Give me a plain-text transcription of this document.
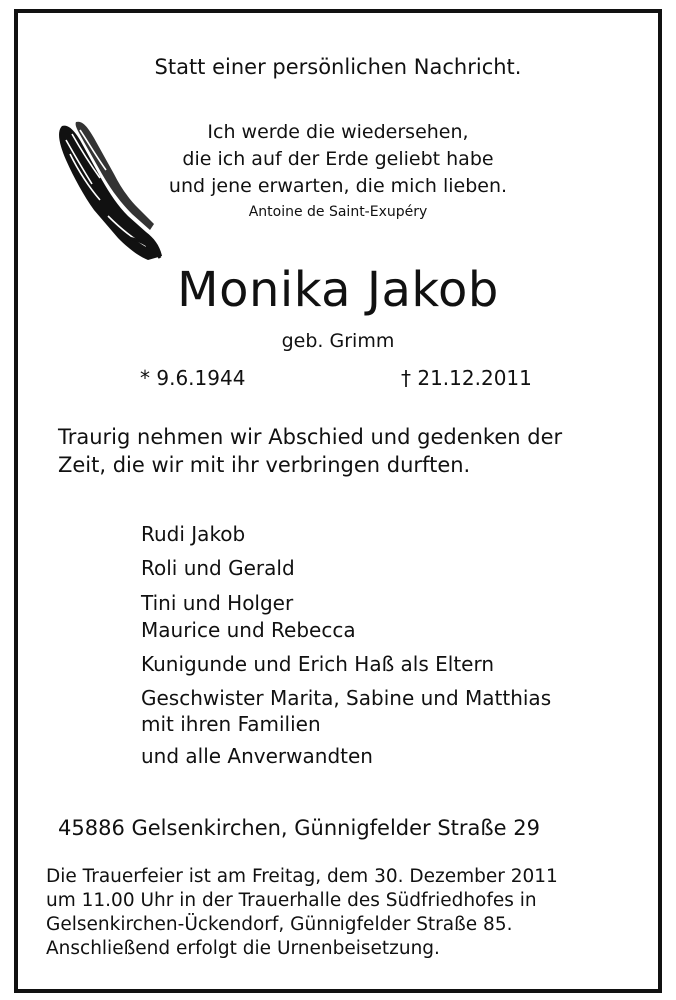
Statt einer persönlichen Nachricht.
Ich werde die wiedersehen,
die ich auf der Erde geliebt habe
und jene erwarten, die mich lieben.
Antoine de Saint-Exupéry
Monika Jakob
geb. Grimm
* 9.6.1944	† 21.12.2011
Traurig nehmen wir Abschied und gedenken der
Zeit, die wir mit ihr verbringen durften.
Rudi Jakob
Roli und Gerald
Tini und Holger
Maurice und Rebecca
Kunigunde und Erich Haß als Eltern
Geschwister Marita, Sabine und Matthias
mit ihren Familien
und alle Anverwandten
45886 Gelsenkirchen, Günnigfelder Straße 29
Die Trauerfeier ist am Freitag, dem 30. Dezember 2011
um 11.00 Uhr in der Trauerhalle des Südfriedhofes in
Gelsenkirchen-Ückendorf, Günnigfelder Straße 85.
Anschließend erfolgt die Urnenbeisetzung.
